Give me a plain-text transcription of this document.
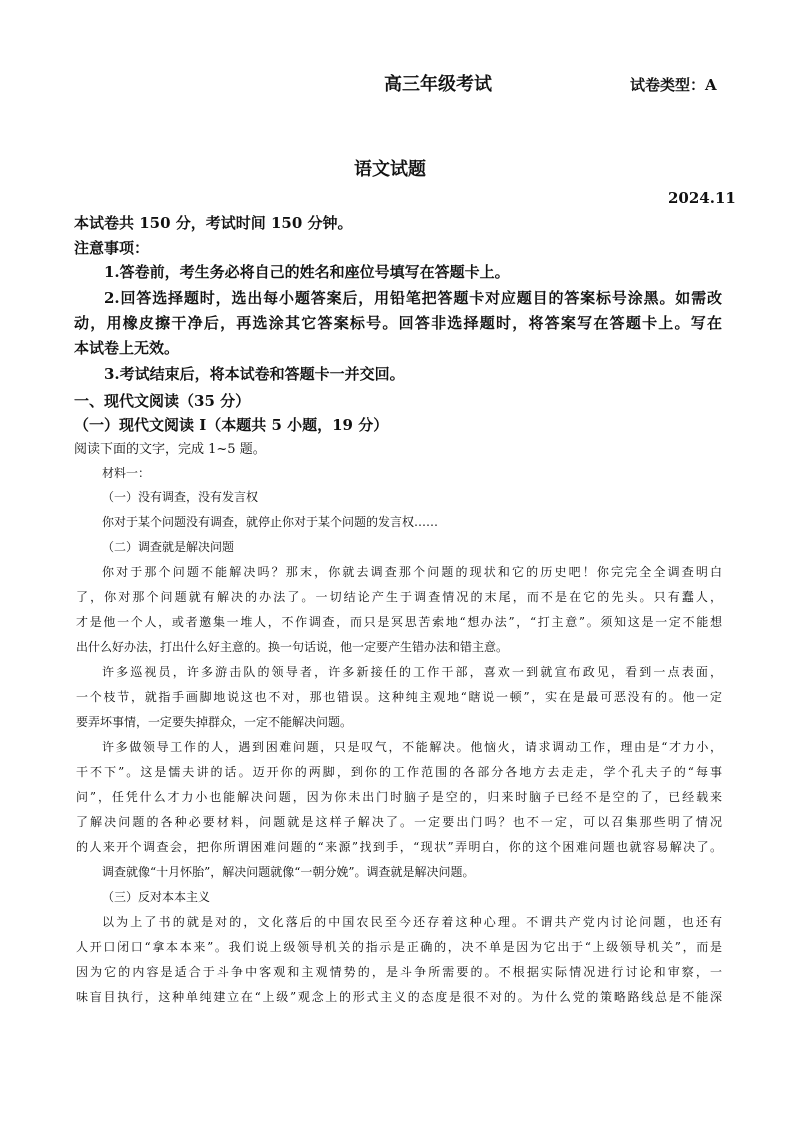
高三年级考试	试卷类型：A
语文试题
2024.11
本试卷共 150 分，考试时间 150 分钟。
注意事项：
1.答卷前，考生务必将自己的姓名和座位号填写在答题卡上。
2.回答选择题时，选出每小题答案后，用铅笔把答题卡对应题目的答案标号涂黑。如需改
动，用橡皮擦干净后，再选涂其它答案标号。回答非选择题时，将答案写在答题卡上。写在
本试卷上无效。
3.考试结束后，将本试卷和答题卡一并交回。
一、现代文阅读（35 分）
（一）现代文阅读 I（本题共 5 小题，19 分）
阅读下面的文字，完成 1~5 题。
材料一：
（一）没有调查，没有发言权
你对于某个问题没有调查，就停止你对于某个问题的发言权……
（二）调查就是解决问题
你对于那个问题不能解决吗？那末，你就去调查那个问题的现状和它的历史吧！你完完全全调查明白
了，你对那个问题就有解决的办法了。一切结论产生于调查情况的末尾，而不是在它的先头。只有蠢人，
才是他一个人，或者邀集一堆人，不作调查，而只是冥思苦索地“想办法”，“打主意”。须知这是一定不能想
出什么好办法，打出什么好主意的。换一句话说，他一定要产生错办法和错主意。
许多巡视员，许多游击队的领导者，许多新接任的工作干部，喜欢一到就宣布政见，看到一点表面，
一个枝节，就指手画脚地说这也不对，那也错误。这种纯主观地“瞎说一顿”，实在是最可恶没有的。他一定
要弄坏事情，一定要失掉群众，一定不能解决问题。
许多做领导工作的人，遇到困难问题，只是叹气，不能解决。他恼火，请求调动工作，理由是“才力小，
干不下”。这是懦夫讲的话。迈开你的两脚，到你的工作范围的各部分各地方去走走，学个孔夫子的“每事
问”，任凭什么才力小也能解决问题，因为你未出门时脑子是空的，归来时脑子已经不是空的了，已经载来
了解决问题的各种必要材料，问题就是这样子解决了。一定要出门吗？也不一定，可以召集那些明了情况
的人来开个调查会，把你所谓困难问题的“来源”找到手，“现状”弄明白，你的这个困难问题也就容易解决了。
调查就像“十月怀胎”，解决问题就像“一朝分娩”。调查就是解决问题。
（三）反对本本主义
以为上了书的就是对的，文化落后的中国农民至今还存着这种心理。不谓共产党内讨论问题，也还有
人开口闭口“拿本本来”。我们说上级领导机关的指示是正确的，决不单是因为它出于“上级领导机关”，而是
因为它的内容是适合于斗争中客观和主观情势的，是斗争所需要的。不根据实际情况进行讨论和审察，一
味盲目执行，这种单纯建立在“上级”观念上的形式主义的态度是很不对的。为什么党的策略路线总是不能深
